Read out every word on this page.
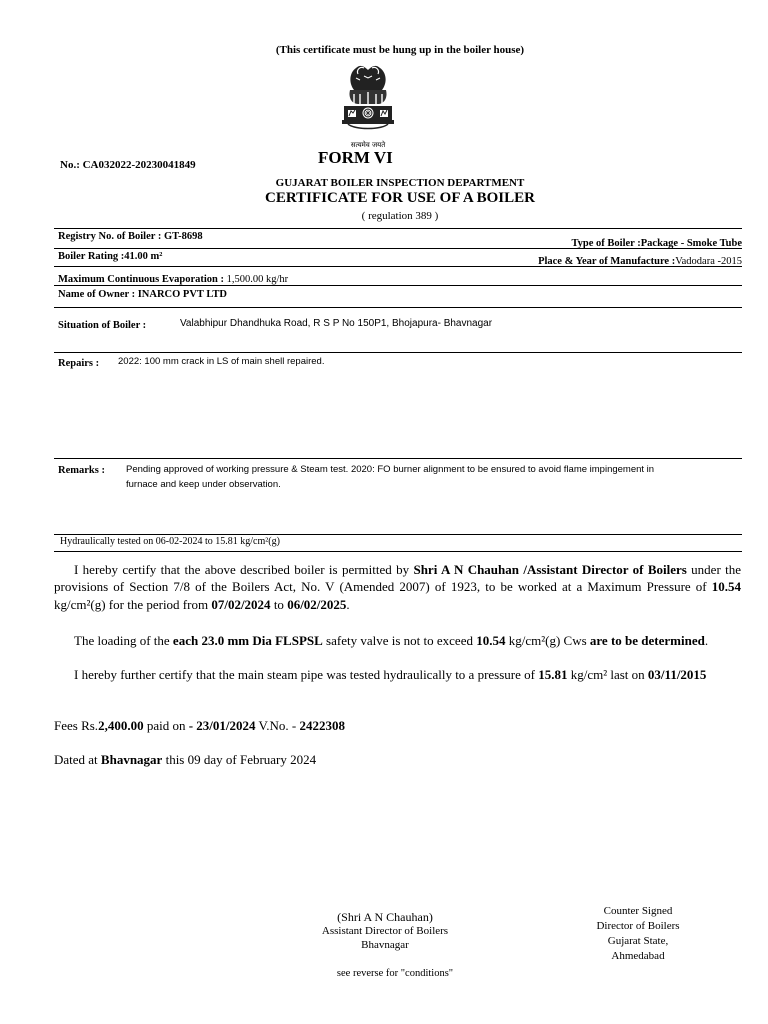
(This certificate must be hung up in the boiler house)
सत्यमेव जयते
FORM VI
No.: CA032022-20230041849
GUJARAT BOILER INSPECTION DEPARTMENT
CERTIFICATE FOR USE OF A BOILER
( regulation 389 )
Registry No. of Boiler : GT-8698
Type of Boiler :Package - Smoke Tube
Boiler Rating :41.00 m²	Place & Year of Manufacture :Vadodara -2015
Maximum Continuous Evaporation : 1,500.00 kg/hr
Name of Owner : INARCO PVT LTD
Situation of Boiler :	Valabhipur Dhandhuka Road, R S P No 150P1, Bhojapura- Bhavnagar
Repairs : 2022: 100 mm crack in LS of main shell repaired.
Remarks : Pending approved of working pressure & Steam test. 2020: FO burner alignment to be ensured to avoid flame impingement in furnace and keep under observation.
Hydraulically tested on 06-02-2024 to 15.81 kg/cm²(g)
I hereby certify that the above described boiler is permitted by Shri A N Chauhan /Assistant Director of Boilers under the provisions of Section 7/8 of the Boilers Act, No. V (Amended 2007) of 1923, to be worked at a Maximum Pressure of 10.54 kg/cm²(g) for the period from 07/02/2024 to 06/02/2025.
The loading of the each 23.0 mm Dia FLSPSL safety valve is not to exceed 10.54 kg/cm²(g) Cws are to be determined.
I hereby further certify that the main steam pipe was tested hydraulically to a pressure of 15.81 kg/cm² last on 03/11/2015
Fees Rs.2,400.00 paid on - 23/01/2024 V.No. - 2422308
Dated at Bhavnagar this 09 day of February 2024
(Shri A N Chauhan)
Assistant Director of Boilers
Bhavnagar
see reverse for "conditions"
Counter Signed
Director of Boilers
Gujarat State,
Ahmedabad
